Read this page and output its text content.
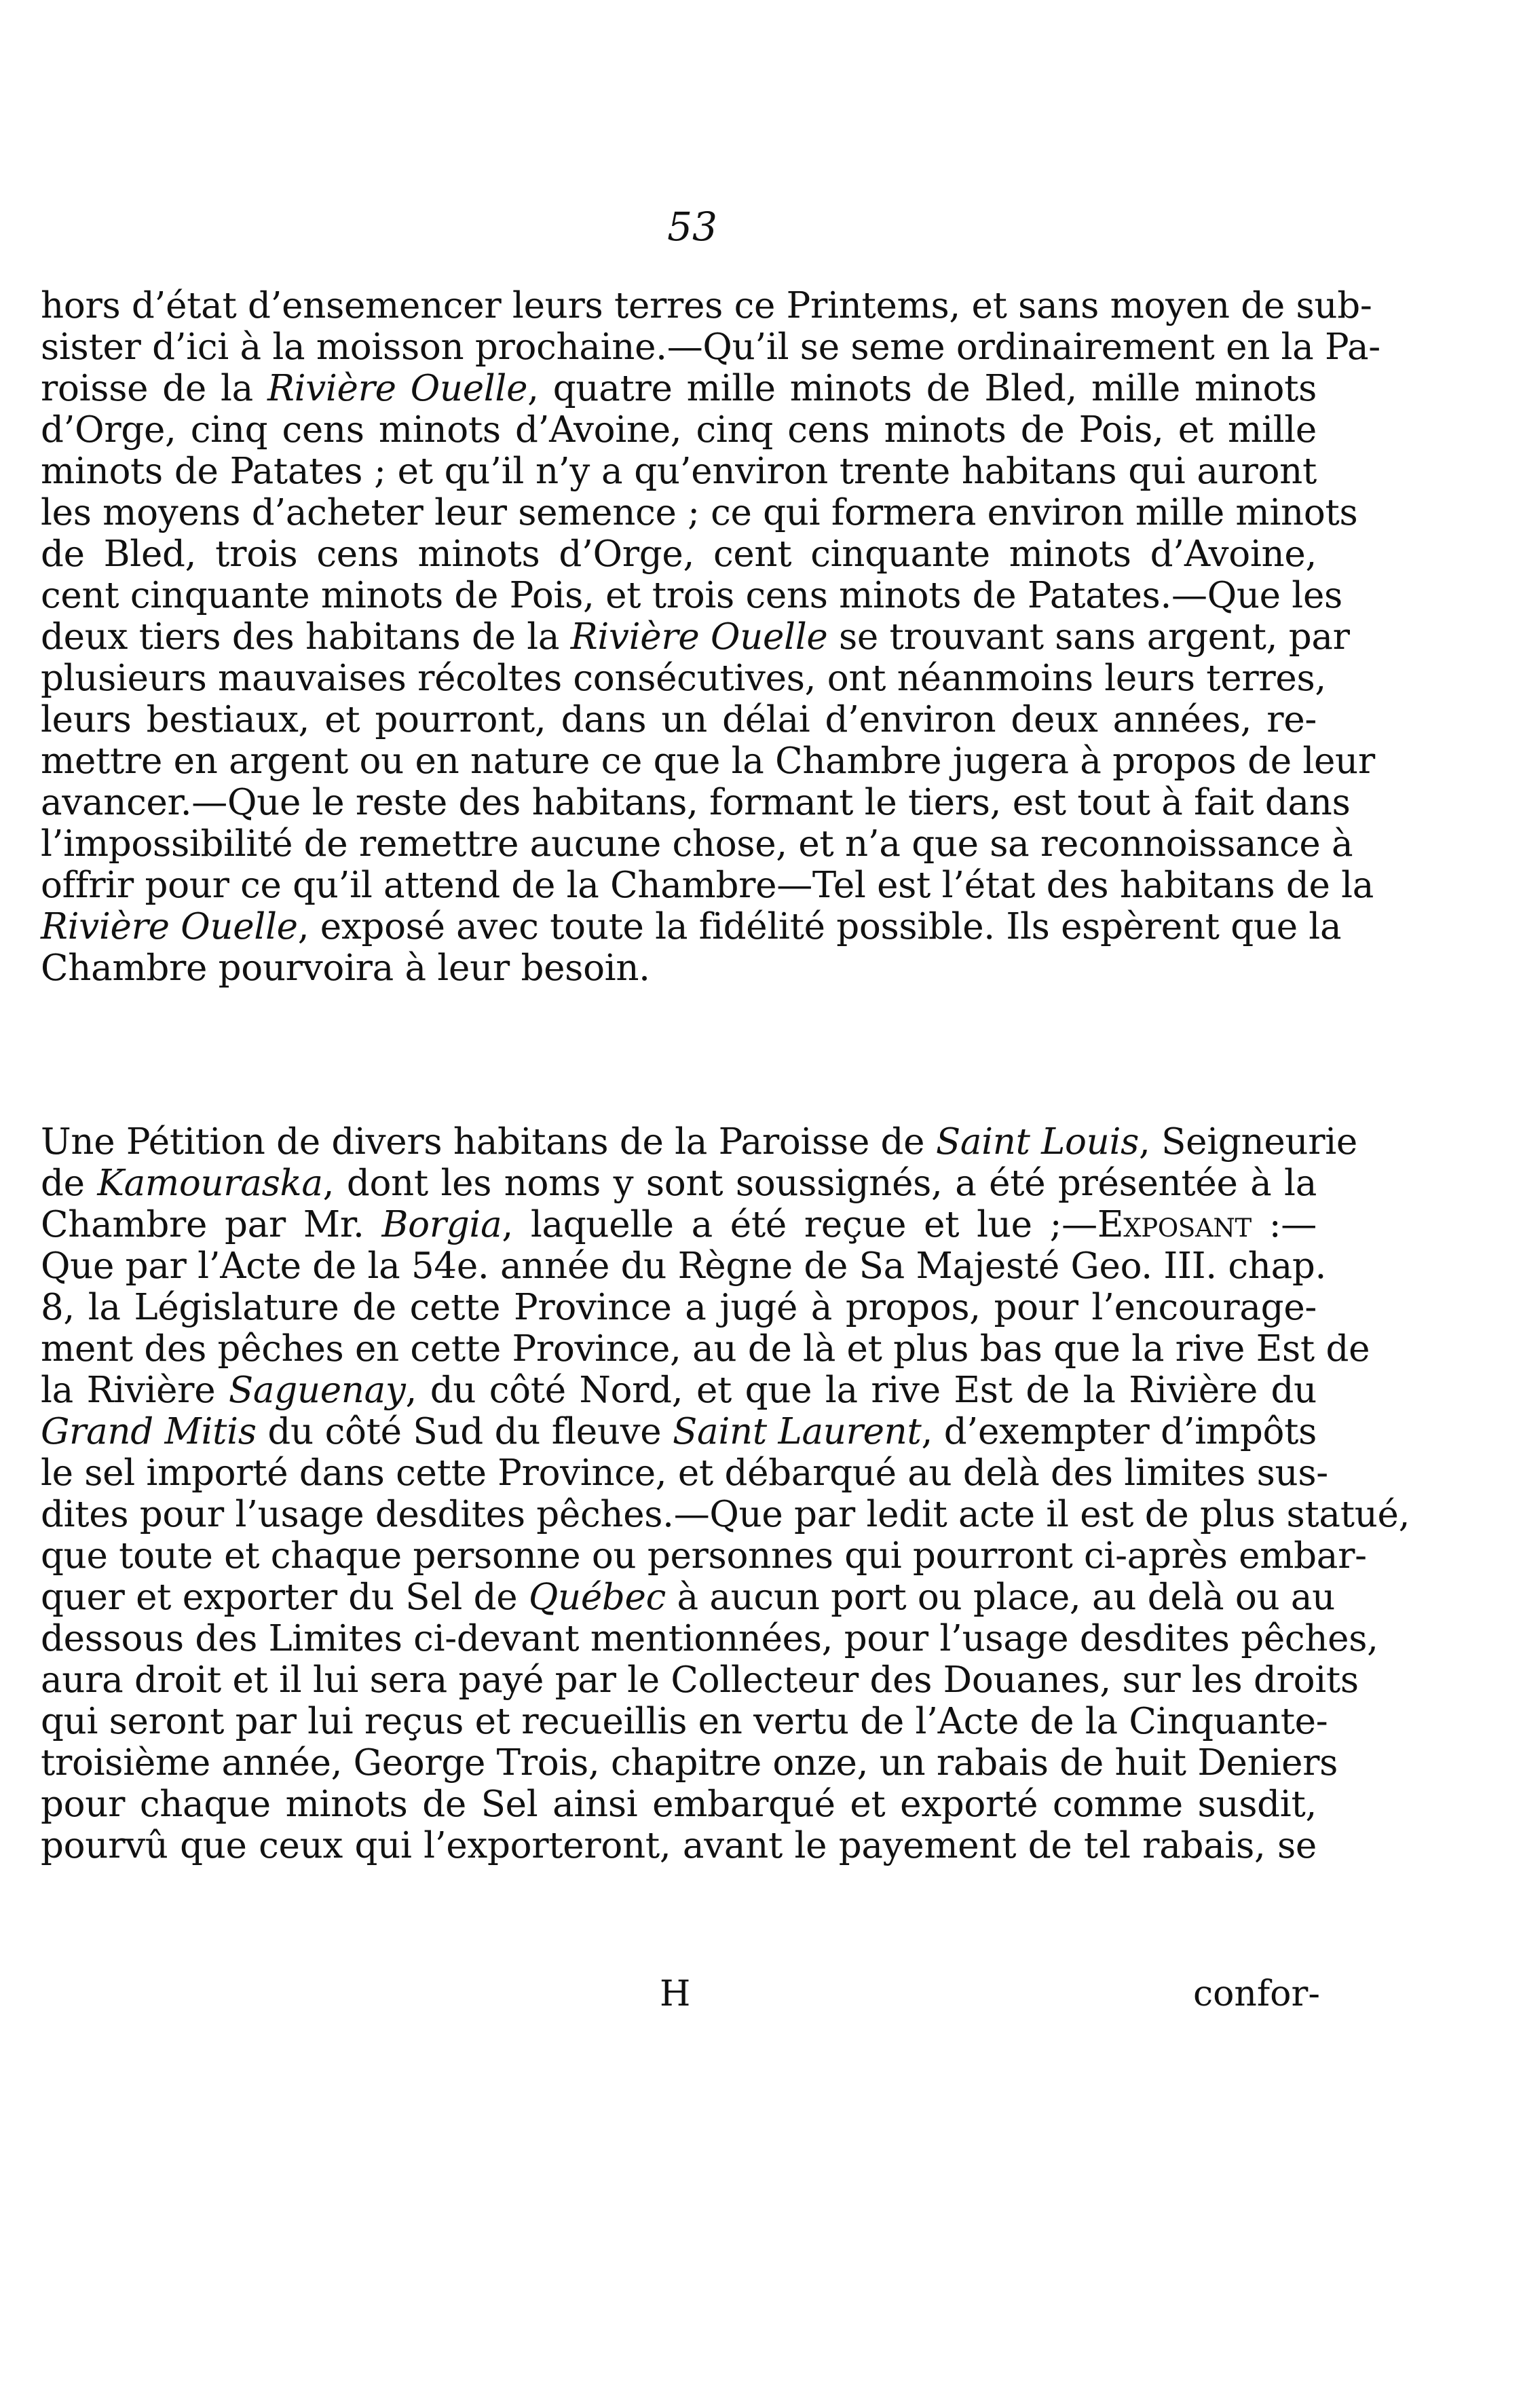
53
hors d’état d’ensemencer leurs terres ce Printems, et sans moyen de sub-
sister d’ici à la moisson prochaine.—Qu’il se seme ordinairement en la Pa-
roisse de la Rivière Ouelle, quatre mille minots de Bled, mille minots
d’Orge, cinq cens minots d’Avoine, cinq cens minots de Pois, et mille
minots de Patates ; et qu’il n’y a qu’environ trente habitans qui auront
les moyens d’acheter leur semence ; ce qui formera environ mille minots
de Bled, trois cens minots d’Orge, cent cinquante minots d’Avoine,
cent cinquante minots de Pois, et trois cens minots de Patates.—Que les
deux tiers des habitans de la Rivière Ouelle se trouvant sans argent, par
plusieurs mauvaises récoltes consécutives, ont néanmoins leurs terres,
leurs bestiaux, et pourront, dans un délai d’environ deux années, re-
mettre en argent ou en nature ce que la Chambre jugera à propos de leur
avancer.—Que le reste des habitans, formant le tiers, est tout à fait dans
l’impossibilité de remettre aucune chose, et n’a que sa reconnoissance à
offrir pour ce qu’il attend de la Chambre—Tel est l’état des habitans de la
Rivière Ouelle, exposé avec toute la fidélité possible. Ils espèrent que la
Chambre pourvoira à leur besoin.
Une Pétition de divers habitans de la Paroisse de Saint Louis, Seigneurie
de Kamouraska, dont les noms y sont soussignés, a été présentée à la
Chambre par Mr. Borgia, laquelle a été reçue et lue ;—Exposant :—
Que par l’Acte de la 54e. année du Règne de Sa Majesté Geo. III. chap.
8, la Législature de cette Province a jugé à propos, pour l’encourage-
ment des pêches en cette Province, au de là et plus bas que la rive Est de
la Rivière Saguenay, du côté Nord, et que la rive Est de la Rivière du
Grand Mitis du côté Sud du fleuve Saint Laurent, d’exempter d’impôts
le sel importé dans cette Province, et débarqué au delà des limites sus-
dites pour l’usage desdites pêches.—Que par ledit acte il est de plus statué,
que toute et chaque personne ou personnes qui pourront ci-après embar-
quer et exporter du Sel de Québec à aucun port ou place, au delà ou au
dessous des Limites ci-devant mentionnées, pour l’usage desdites pêches,
aura droit et il lui sera payé par le Collecteur des Douanes, sur les droits
qui seront par lui reçus et recueillis en vertu de l’Acte de la Cinquante-
troisième année, George Trois, chapitre onze, un rabais de huit Deniers
pour chaque minots de Sel ainsi embarqué et exporté comme susdit,
pourvû que ceux qui l’exporteront, avant le payement de tel rabais, se
H	confor-
